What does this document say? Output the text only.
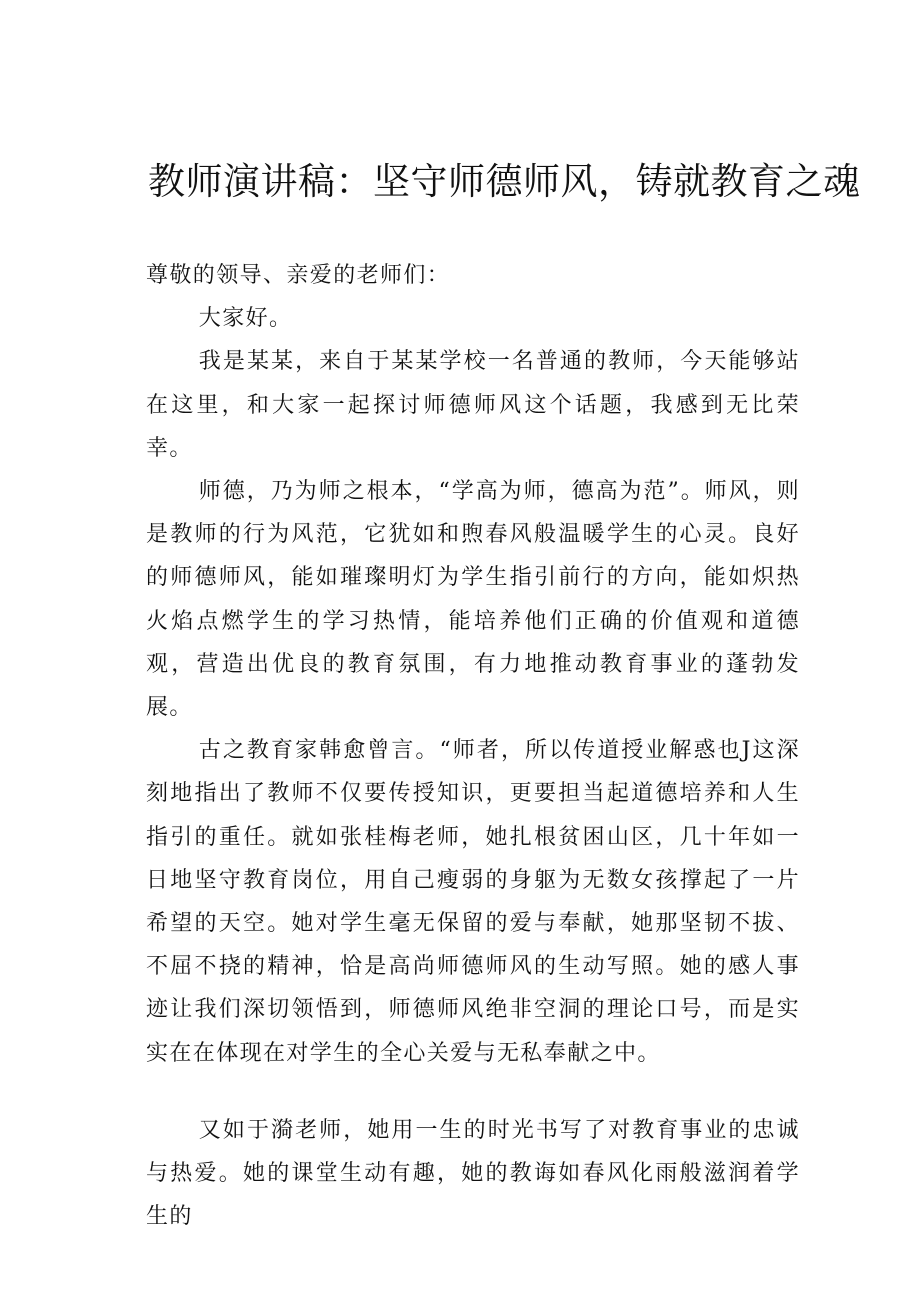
教师演讲稿：坚守师德师风，铸就教育之魂

尊敬的领导、亲爱的老师们：

大家好。

我是某某，来自于某某学校一名普通的教师，今天能够站在这里，和大家一起探讨师德师风这个话题，我感到无比荣幸。

师德，乃为师之根本，“学高为师，德高为范”。师风，则是教师的行为风范，它犹如和煦春风般温暖学生的心灵。良好的师德师风，能如璀璨明灯为学生指引前行的方向，能如炽热火焰点燃学生的学习热情，能培养他们正确的价值观和道德观，营造出优良的教育氛围，有力地推动教育事业的蓬勃发展。

古之教育家韩愈曾言。“师者，所以传道授业解惑也J这深刻地指出了教师不仅要传授知识，更要担当起道德培养和人生指引的重任。就如张桂梅老师，她扎根贫困山区，几十年如一日地坚守教育岗位，用自己瘦弱的身躯为无数女孩撑起了一片希望的天空。她对学生毫无保留的爱与奉献，她那坚韧不拔、不屈不挠的精神，恰是高尚师德师风的生动写照。她的感人事迹让我们深切领悟到，师德师风绝非空洞的理论口号，而是实实在在体现在对学生的全心关爱与无私奉献之中。

又如于漪老师，她用一生的时光书写了对教育事业的忠诚与热爱。她的课堂生动有趣，她的教诲如春风化雨般滋润着学生的
